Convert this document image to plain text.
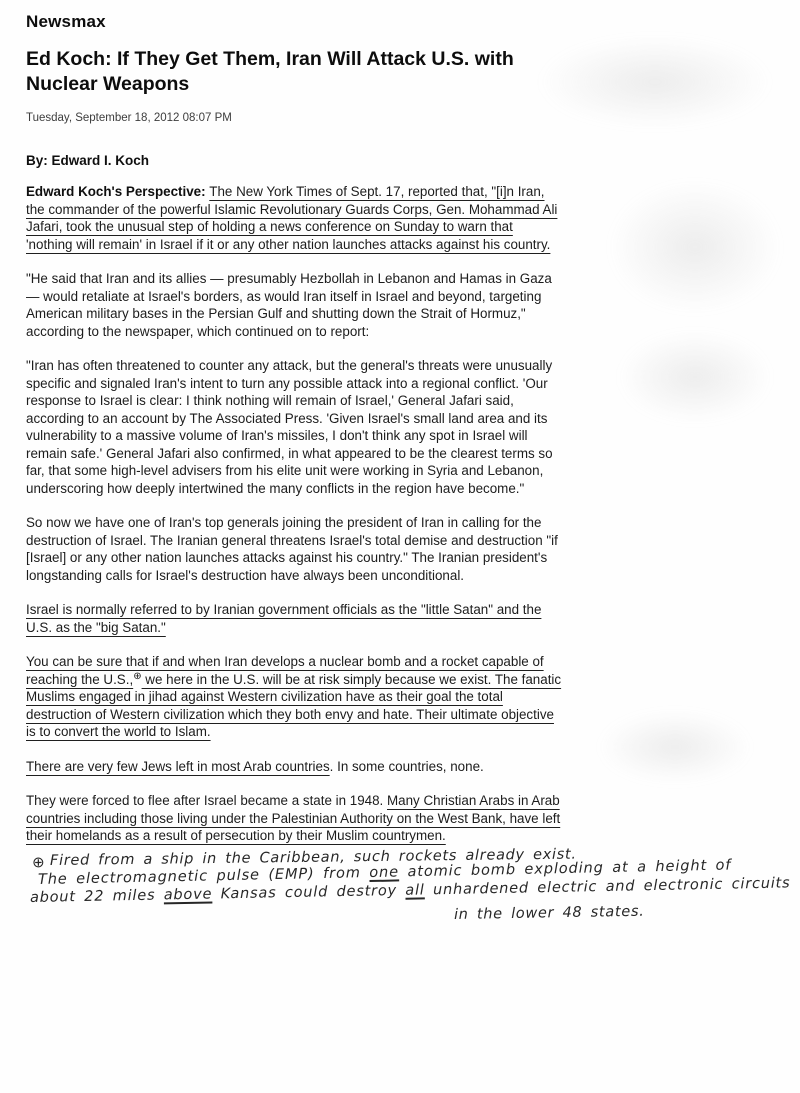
Newsmax
Ed Koch: If They Get Them, Iran Will Attack U.S. with Nuclear Weapons
Tuesday, September 18, 2012 08:07 PM
By: Edward I. Koch

Edward Koch's Perspective: The New York Times of Sept. 17, reported that, "[i]n Iran, the commander of the powerful Islamic Revolutionary Guards Corps, Gen. Mohammad Ali Jafari, took the unusual step of holding a news conference on Sunday to warn that 'nothing will remain' in Israel if it or any other nation launches attacks against his country.

"He said that Iran and its allies — presumably Hezbollah in Lebanon and Hamas in Gaza — would retaliate at Israel's borders, as would Iran itself in Israel and beyond, targeting American military bases in the Persian Gulf and shutting down the Strait of Hormuz," according to the newspaper, which continued on to report:

"Iran has often threatened to counter any attack, but the general's threats were unusually specific and signaled Iran's intent to turn any possible attack into a regional conflict. 'Our response to Israel is clear: I think nothing will remain of Israel,' General Jafari said, according to an account by The Associated Press. 'Given Israel's small land area and its vulnerability to a massive volume of Iran's missiles, I don't think any spot in Israel will remain safe.' General Jafari also confirmed, in what appeared to be the clearest terms so far, that some high-level advisers from his elite unit were working in Syria and Lebanon, underscoring how deeply intertwined the many conflicts in the region have become."

So now we have one of Iran's top generals joining the president of Iran in calling for the destruction of Israel. The Iranian general threatens Israel's total demise and destruction "if [Israel] or any other nation launches attacks against his country." The Iranian president's longstanding calls for Israel's destruction have always been unconditional.

Israel is normally referred to by Iranian government officials as the "little Satan" and the U.S. as the "big Satan."

You can be sure that if and when Iran develops a nuclear bomb and a rocket capable of reaching the U.S.,⊕ we here in the U.S. will be at risk simply because we exist. The fanatic Muslims engaged in jihad against Western civilization have as their goal the total destruction of Western civilization which they both envy and hate. Their ultimate objective is to convert the world to Islam.

There are very few Jews left in most Arab countries. In some countries, none.

They were forced to flee after Israel became a state in 1948. Many Christian Arabs in Arab countries including those living under the Palestinian Authority on the West Bank, have left their homelands as a result of persecution by their Muslim countrymen.

⊕ Fired from a ship in the Caribbean, such rockets already exist.
The electromagnetic pulse (EMP) from one atomic bomb exploding at a height of
about 22 miles above Kansas could destroy all unhardened electric and electronic circuits
in the lower 48 states.
